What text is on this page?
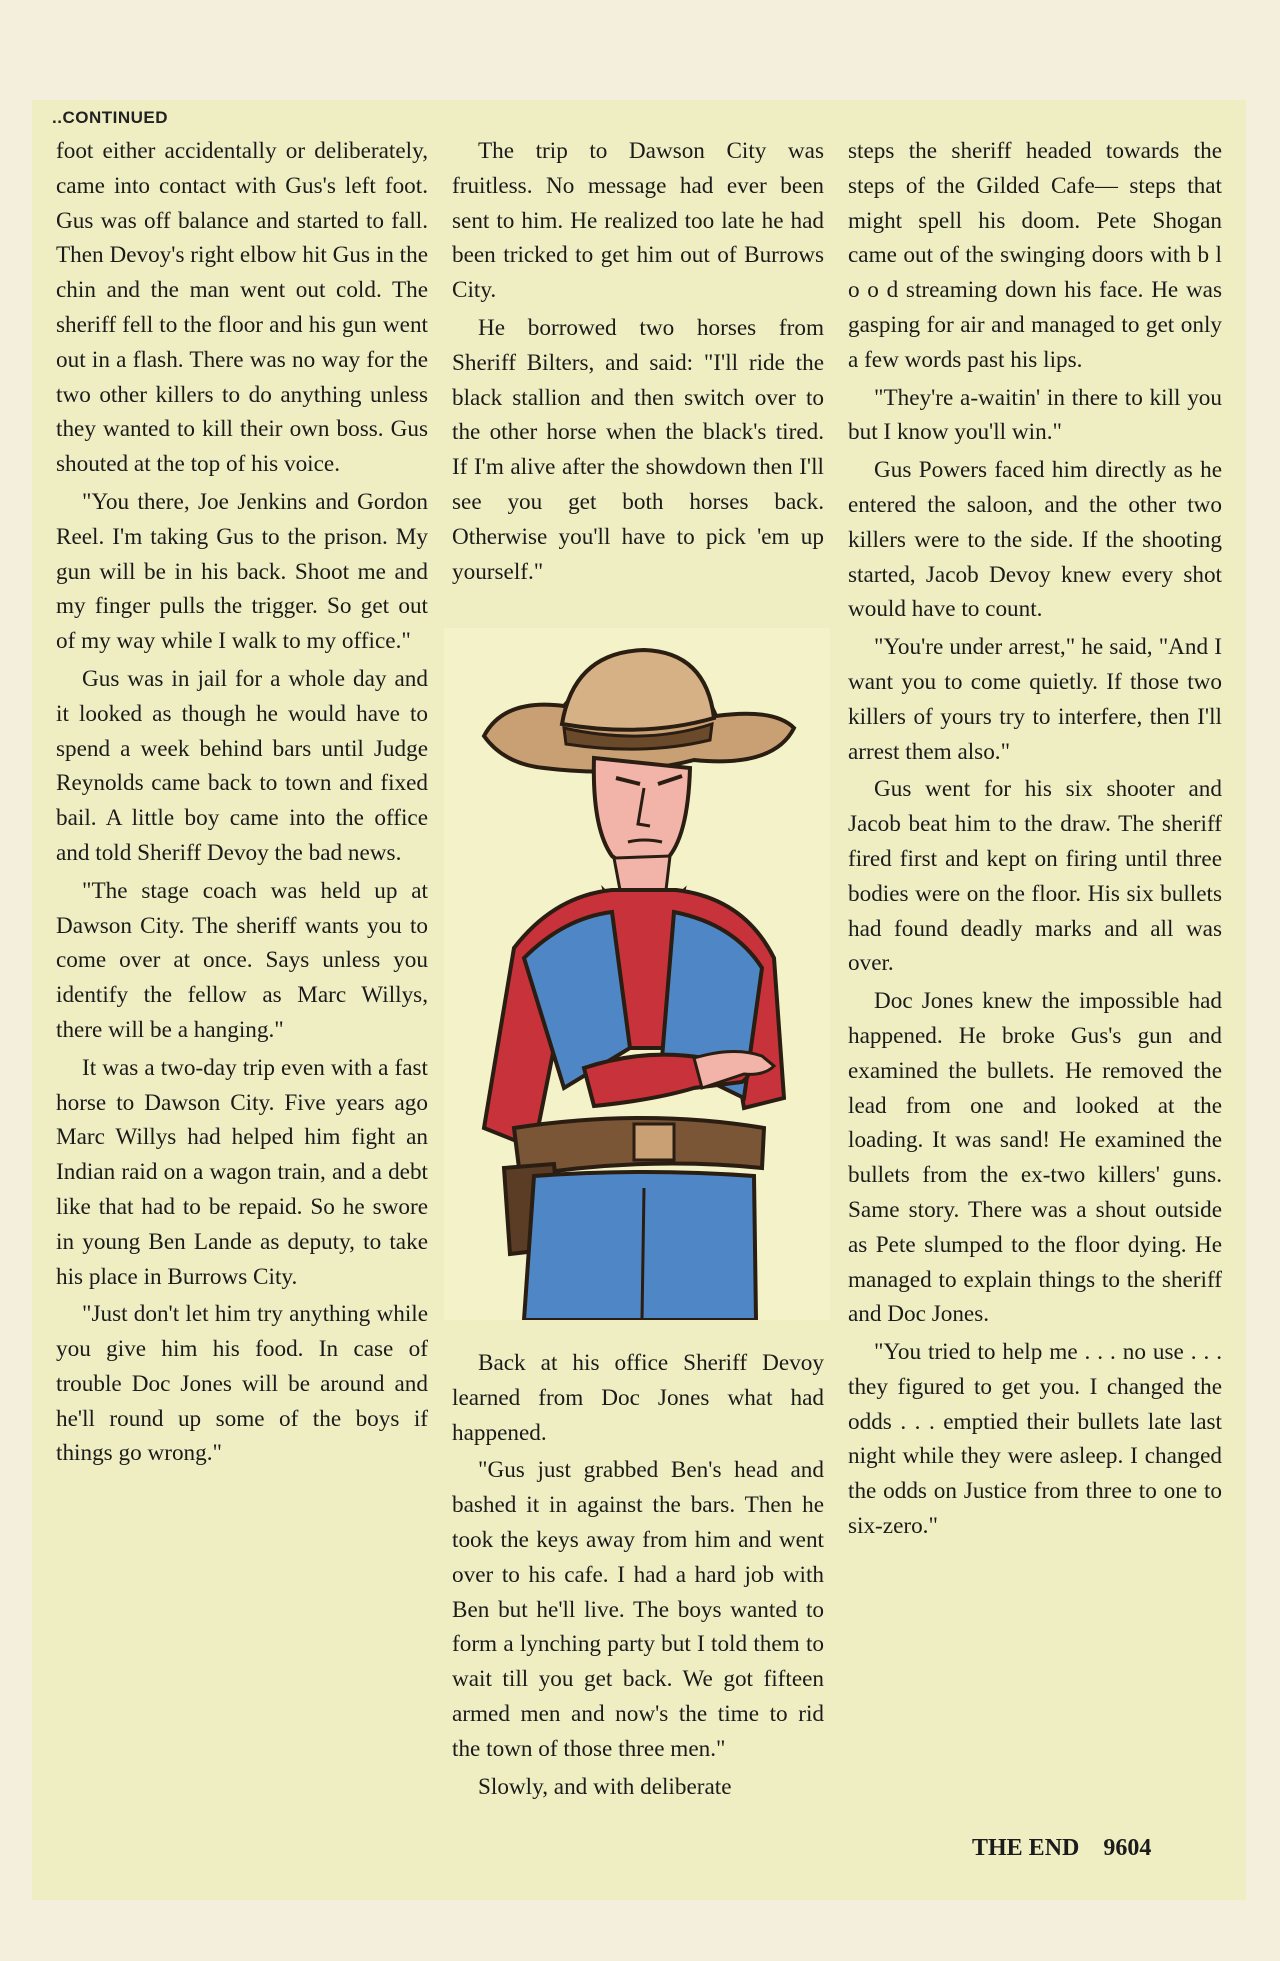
..CONTINUED

foot either accidentally or deliberately, came into contact with Gus's left foot. Gus was off balance and started to fall. Then Devoy's right elbow hit Gus in the chin and the man went out cold. The sheriff fell to the floor and his gun went out in a flash. There was no way for the two other killers to do anything unless they wanted to kill their own boss. Gus shouted at the top of his voice.

"You there, Joe Jenkins and Gordon Reel. I'm taking Gus to the prison. My gun will be in his back. Shoot me and my finger pulls the trigger. So get out of my way while I walk to my office."

Gus was in jail for a whole day and it looked as though he would have to spend a week behind bars until Judge Reynolds came back to town and fixed bail. A little boy came into the office and told Sheriff Devoy the bad news.

"The stage coach was held up at Dawson City. The sheriff wants you to come over at once. Says unless you identify the fellow as Marc Willys, there will be a hanging."

It was a two-day trip even with a fast horse to Dawson City. Five years ago Marc Willys had helped him fight an Indian raid on a wagon train, and a debt like that had to be repaid. So he swore in young Ben Lande as deputy, to take his place in Burrows City.

"Just don't let him try anything while you give him his food. In case of trouble Doc Jones will be around and he'll round up some of the boys if things go wrong."

The trip to Dawson City was fruitless. No message had ever been sent to him. He realized too late he had been tricked to get him out of Burrows City.

He borrowed two horses from Sheriff Bilters, and said: "I'll ride the black stallion and then switch over to the other horse when the black's tired. If I'm alive after the showdown then I'll see you get both horses back. Otherwise you'll have to pick 'em up yourself."

Back at his office Sheriff Devoy learned from Doc Jones what had happened.

"Gus just grabbed Ben's head and bashed it in against the bars. Then he took the keys away from him and went over to his cafe. I had a hard job with Ben but he'll live. The boys wanted to form a lynching party but I told them to wait till you get back. We got fifteen armed men and now's the time to rid the town of those three men."

Slowly, and with deliberate

steps the sheriff headed towards the steps of the Gilded Cafe— steps that might spell his doom. Pete Shogan came out of the swinging doors with b l o o d streaming down his face. He was gasping for air and managed to get only a few words past his lips.

"They're a-waitin' in there to kill you but I know you'll win."

Gus Powers faced him directly as he entered the saloon, and the other two killers were to the side. If the shooting started, Jacob Devoy knew every shot would have to count.

"You're under arrest," he said, "And I want you to come quietly. If those two killers of yours try to interfere, then I'll arrest them also."

Gus went for his six shooter and Jacob beat him to the draw. The sheriff fired first and kept on firing until three bodies were on the floor. His six bullets had found deadly marks and all was over.

Doc Jones knew the impossible had happened. He broke Gus's gun and examined the bullets. He removed the lead from one and looked at the loading. It was sand! He examined the bullets from the ex-two killers' guns. Same story. There was a shout outside as Pete slumped to the floor dying. He managed to explain things to the sheriff and Doc Jones.

"You tried to help me . . . no use . . . they figured to get you. I changed the odds . . . emptied their bullets late last night while they were asleep. I changed the odds on Justice from three to one to six-zero."

THE END 9604
